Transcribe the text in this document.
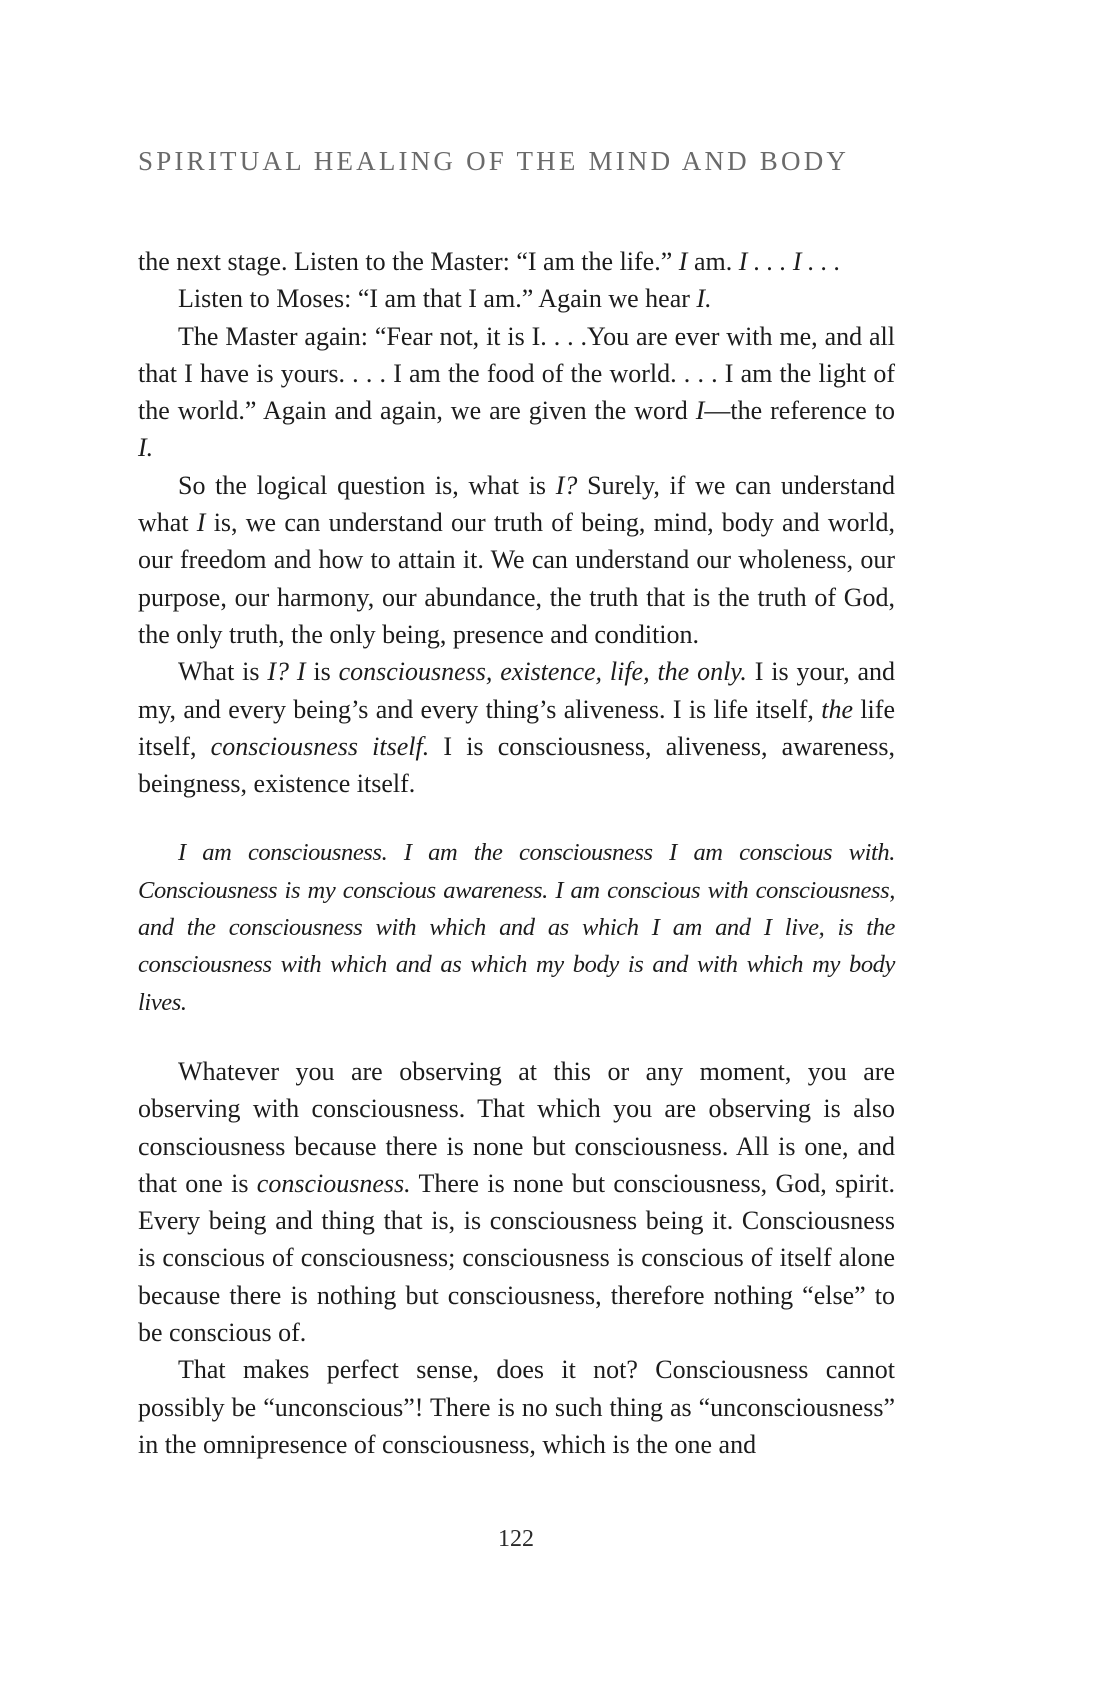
SPIRITUAL HEALING OF THE MIND AND BODY

the next stage. Listen to the Master: “I am the life.” I am. I . . . I . . .

Listen to Moses: “I am that I am.” Again we hear I.

The Master again: “Fear not, it is I. . . .You are ever with me, and all that I have is yours. . . . I am the food of the world. . . . I am the light of the world.” Again and again, we are given the word I—the reference to I.

So the logical question is, what is I? Surely, if we can understand what I is, we can understand our truth of being, mind, body and world, our freedom and how to attain it. We can understand our wholeness, our purpose, our harmony, our abundance, the truth that is the truth of God, the only truth, the only being, presence and condition.

What is I? I is consciousness, existence, life, the only. I is your, and my, and every being’s and every thing’s aliveness. I is life itself, the life itself, consciousness itself. I is consciousness, aliveness, awareness, beingness, existence itself.

I am consciousness. I am the consciousness I am conscious with. Consciousness is my conscious awareness. I am conscious with consciousness, and the consciousness with which and as which I am and I live, is the consciousness with which and as which my body is and with which my body lives.

Whatever you are observing at this or any moment, you are observing with consciousness. That which you are observing is also consciousness because there is none but consciousness. All is one, and that one is consciousness. There is none but consciousness, God, spirit. Every being and thing that is, is consciousness being it. Consciousness is conscious of consciousness; consciousness is conscious of itself alone because there is nothing but consciousness, therefore nothing “else” to be conscious of.

That makes perfect sense, does it not? Consciousness cannot possibly be “unconscious”! There is no such thing as “unconsciousness” in the omnipresence of consciousness, which is the one and

122
